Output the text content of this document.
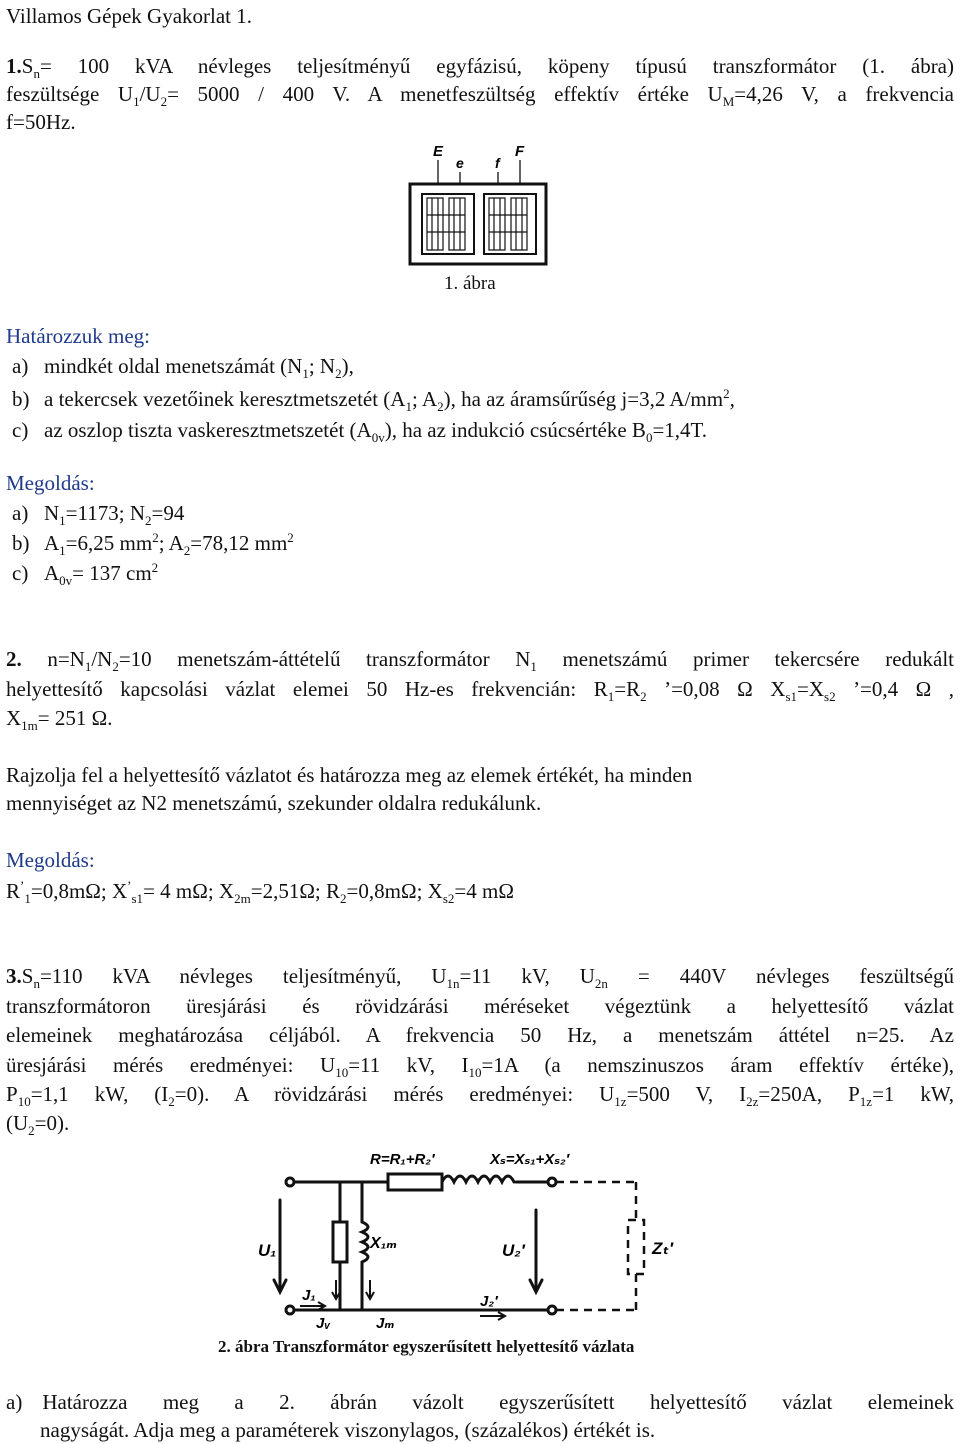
Villamos Gépek Gyakorlat 1.
$1.S_n= 100$ kVA névleges teljesítményű egyfázisú, köpeny típusú transzformátor (1. ábra)
feszültsége $U_1/U_2= 5000 / 400$ V. A menetfeszültség effektív értéke $U_M=4,26$ V, a frekvencia
f=50Hz.
E
e f
F
1. ábra
Határozzuk meg:
a) mindkét oldal menetszámát ($N_1$; $N_2$),
b) a tekercsek vezetőinek keresztmetszetét ($A_1$; $A_2$), ha az áramsűrűség j=3,2 $A/mm^2$,
c) az oszlop tiszta vaskeresztmetszetét $(A_{0v})$, ha az indukció csúcsértéke $B_0=1,4T$.
Megoldás:
a) $N_1=1173$; $N_2=94$
b) $A_1=6,25$ $mm^2$; $A_2=78,12$ $mm^2$
c) $A_{0v}= 137$ $cm^2$
2. $n=N_1/N_2=10$ menetszám-áttételű transzformátor $N_1$ menetszámú primer tekercsére redukált
helyettesítő kapcsolási vázlat elemei 50 Hz-es frekvencián: $R_1=R_2$ ’=0,08 Ω $X_{s1}=X_{s2}$ ’=0,4 Ω ,
$X_{1m}= 251$ Ω.
Rajzolja fel a helyettesítő vázlatot és határozza meg az elemek értékét, ha minden
mennyiséget az N2 menetszámú, szekunder oldalra redukálunk.
Megoldás:
$R^’_1=0,8m\Omega$; $X^’_{s1}= 4$ mΩ; $X_{2m}=2,51\Omega$; $R_2=0,8m\Omega$; $X_{s2}=4$ mΩ
$3.S_n=110$ kVA névleges teljesítményű, $U_{1n}=11$ kV, $U_{2n} = 440V$ névleges feszültségű
transzformátoron üresjárási és rövidzárási méréseket végeztünk a helyettesítő vázlat
elemeinek meghatározása céljából. A frekvencia 50 Hz, a menetszám áttétel n=25. Az
üresjárási mérés eredményei: $U_{10}=11$ kV, $I_{10}=1A$ (a nemszinuszos áram effektív értéke),
$P_{10}=1,1$ kW, $(I_2=0)$. A rövidzárási mérés eredményei: $U_{1z}=500$ V, $I_{2z}=250A$, $P_{1z}=1$ kW,
$(U_2=0)$.
R=R₁+R₂′	Xₛ=Xₛ₁+Xₛ₂′
U₁	X₁ₘ	U₂′	Zₜ′
J₁
Jᵥ	Jₘ
J₂′
2. ábra Transzformátor egyszerűsített helyettesítő vázlata
a) Határozza meg a 2. ábrán vázolt egyszerűsített helyettesítő vázlat elemeinek
nagyságát. Adja meg a paraméterek viszonylagos, (százalékos) értékét is.
